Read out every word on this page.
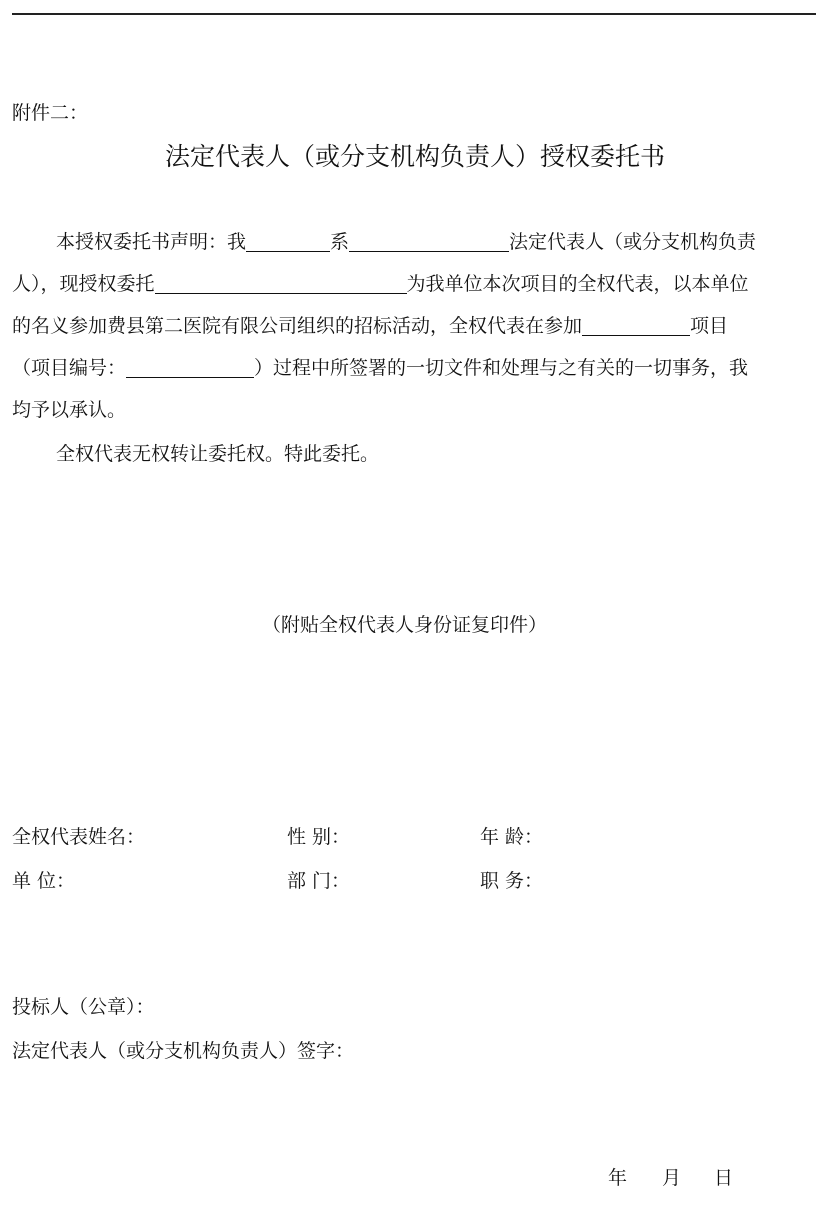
附件二：
法定代表人（或分支机构负责人）授权委托书
本授权委托书声明：我	系	法定代表人（或分支机构负责
人），现授权委托	为我单位本次项目的全权代表，以本单位
的名义参加费县第二医院有限公司组织的招标活动，全权代表在参加	项目
（项目编号：	）过程中所签署的一切文件和处理与之有关的一切事务，我
均予以承认。
全权代表无权转让委托权。特此委托。
（附贴全权代表人身份证复印件）
全权代表姓名：	性 别：	年 龄：
单 位：	部 门：	职 务：
投标人（公章）：
法定代表人（或分支机构负责人）签字：
年 月 日
